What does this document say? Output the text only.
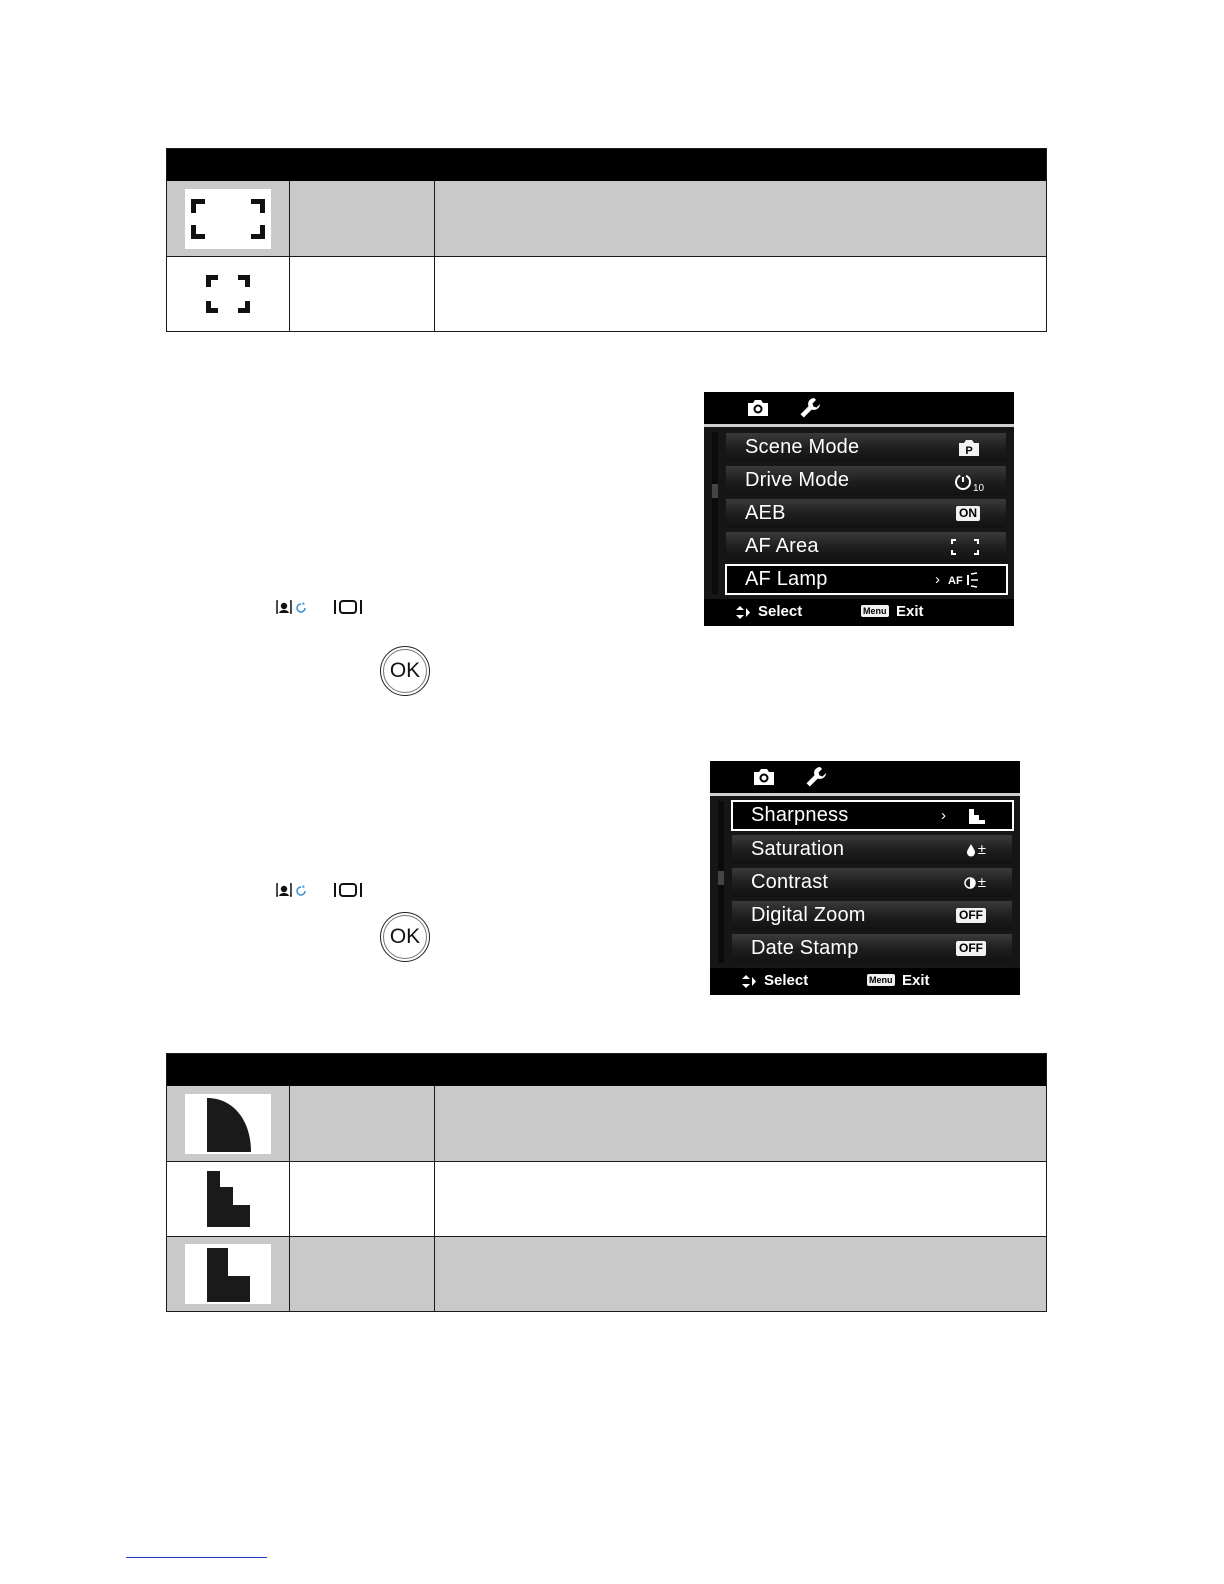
Scene Mode	P
Drive Mode	10
AEB	ON
AF Area
AF Lamp	› AF
Select	Menu Exit
OK
Sharpness	›
Saturation	±
Contrast	±
Digital Zoom	OFF
Date Stamp	OFF
Select	Menu Exit
OK
